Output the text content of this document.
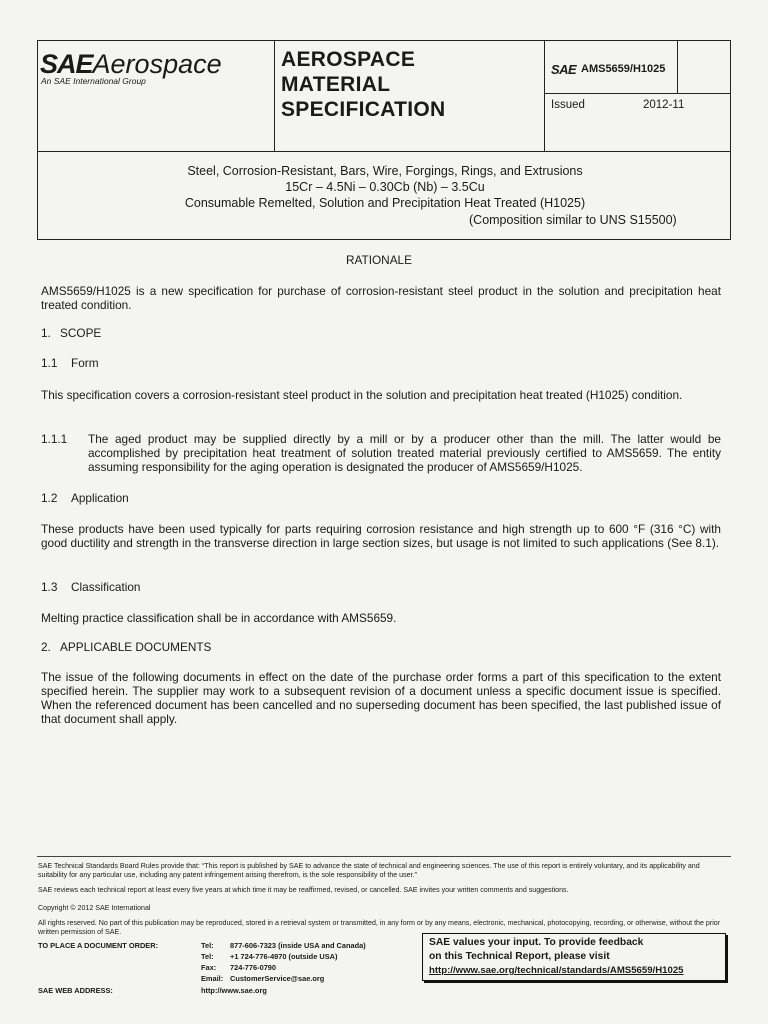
SAEAerospace
An SAE International Group
AEROSPACE
MATERIAL
SPECIFICATION
SAE AMS5659/H1025
Issued	2012-11
Steel, Corrosion-Resistant, Bars, Wire, Forgings, Rings, and Extrusions
15Cr – 4.5Ni – 0.30Cb (Nb) – 3.5Cu
Consumable Remelted, Solution and Precipitation Heat Treated (H1025)
(Composition similar to UNS S15500)
RATIONALE
AMS5659/H1025 is a new specification for purchase of corrosion-resistant steel product in the solution and precipitation heat treated condition.
1. SCOPE
1.1 Form
This specification covers a corrosion-resistant steel product in the solution and precipitation heat treated (H1025) condition.
1.1.1 The aged product may be supplied directly by a mill or by a producer other than the mill. The latter would be accomplished by precipitation heat treatment of solution treated material previously certified to AMS5659. The entity assuming responsibility for the aging operation is designated the producer of AMS5659/H1025.
1.2 Application
These products have been used typically for parts requiring corrosion resistance and high strength up to 600 °F (316 °C) with good ductility and strength in the transverse direction in large section sizes, but usage is not limited to such applications (See 8.1).
1.3 Classification
Melting practice classification shall be in accordance with AMS5659.
2. APPLICABLE DOCUMENTS
The issue of the following documents in effect on the date of the purchase order forms a part of this specification to the extent specified herein. The supplier may work to a subsequent revision of a document unless a specific document issue is specified. When the referenced document has been cancelled and no superseding document has been specified, the last published issue of that document shall apply.
SAE Technical Standards Board Rules provide that: “This report is published by SAE to advance the state of technical and engineering sciences. The use of this report is entirely voluntary, and its applicability and suitability for any particular use, including any patent infringement arising therefrom, is the sole responsibility of the user.”
SAE reviews each technical report at least every five years at which time it may be reaffirmed, revised, or cancelled. SAE invites your written comments and suggestions.
Copyright © 2012 SAE International
All rights reserved. No part of this publication may be reproduced, stored in a retrieval system or transmitted, in any form or by any means, electronic, mechanical, photocopying, recording, or otherwise, without the prior written permission of SAE.
TO PLACE A DOCUMENT ORDER:	Tel: 877-606-7323 (inside USA and Canada)
Tel: +1 724-776-4970 (outside USA)
Fax: 724-776-0790
Email: CustomerService@sae.org
SAE WEB ADDRESS:	http://www.sae.org
SAE values your input. To provide feedback
on this Technical Report, please visit
http://www.sae.org/technical/standards/AMS5659/H1025
